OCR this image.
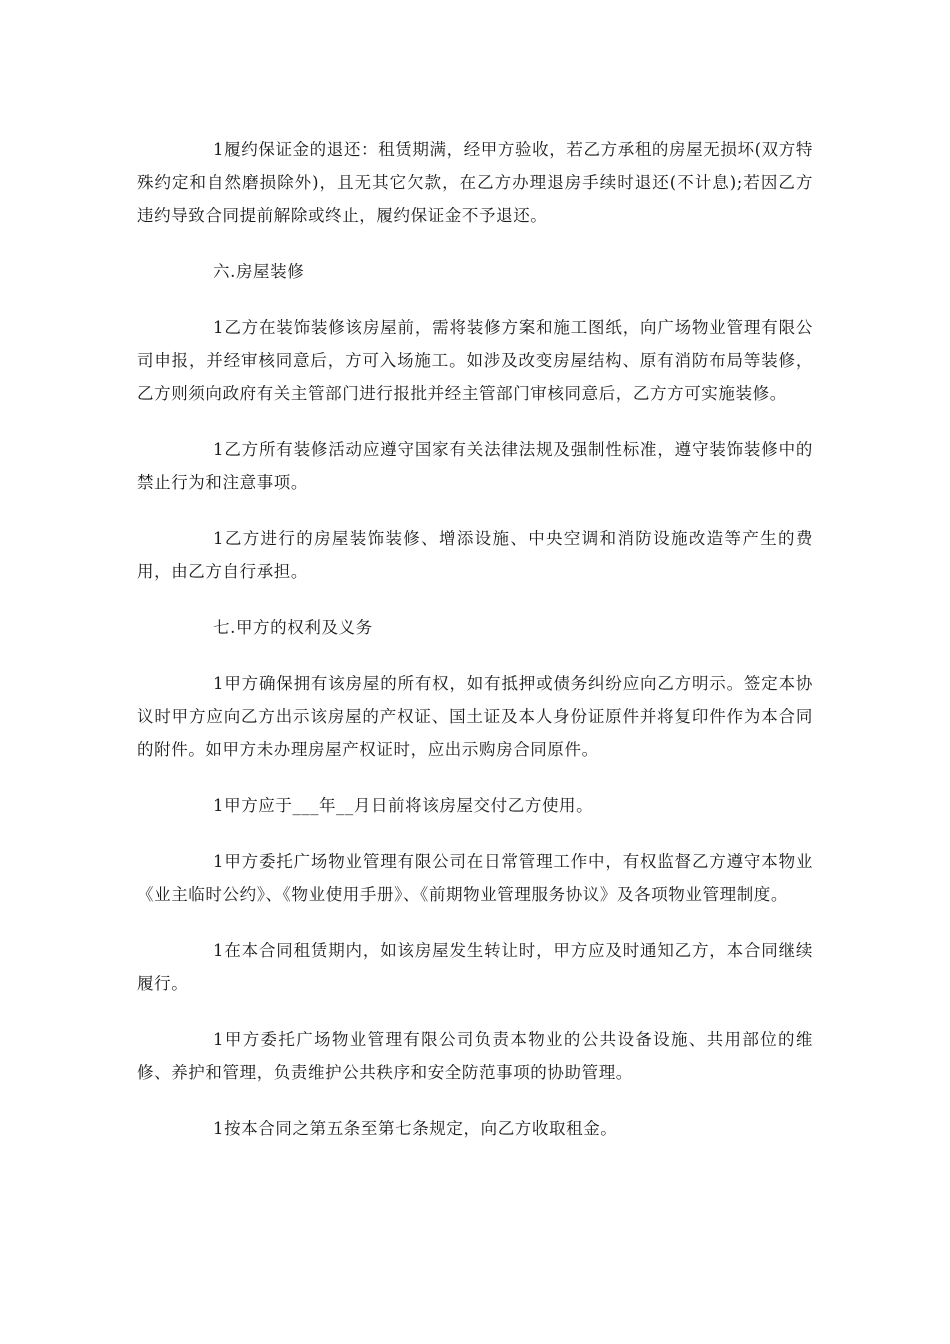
1履约保证金的退还：租赁期满，经甲方验收，若乙方承租的房屋无损坏(双方特殊约定和自然磨损除外)，且无其它欠款，在乙方办理退房手续时退还(不计息);若因乙方违约导致合同提前解除或终止，履约保证金不予退还。

六.房屋装修

1乙方在装饰装修该房屋前，需将装修方案和施工图纸，向广场物业管理有限公司申报，并经审核同意后，方可入场施工。如涉及改变房屋结构、原有消防布局等装修，乙方则须向政府有关主管部门进行报批并经主管部门审核同意后，乙方方可实施装修。

1乙方所有装修活动应遵守国家有关法律法规及强制性标准，遵守装饰装修中的禁止行为和注意事项。

1乙方进行的房屋装饰装修、增添设施、中央空调和消防设施改造等产生的费用，由乙方自行承担。

七.甲方的权利及义务

1甲方确保拥有该房屋的所有权，如有抵押或债务纠纷应向乙方明示。签定本协议时甲方应向乙方出示该房屋的产权证、国土证及本人身份证原件并将复印件作为本合同的附件。如甲方未办理房屋产权证时，应出示购房合同原件。

1甲方应于___年__月日前将该房屋交付乙方使用。

1甲方委托广场物业管理有限公司在日常管理工作中，有权监督乙方遵守本物业《业主临时公约》、《物业使用手册》、《前期物业管理服务协议》及各项物业管理制度。

1在本合同租赁期内，如该房屋发生转让时，甲方应及时通知乙方，本合同继续履行。

1甲方委托广场物业管理有限公司负责本物业的公共设备设施、共用部位的维修、养护和管理，负责维护公共秩序和安全防范事项的协助管理。

1按本合同之第五条至第七条规定，向乙方收取租金。
